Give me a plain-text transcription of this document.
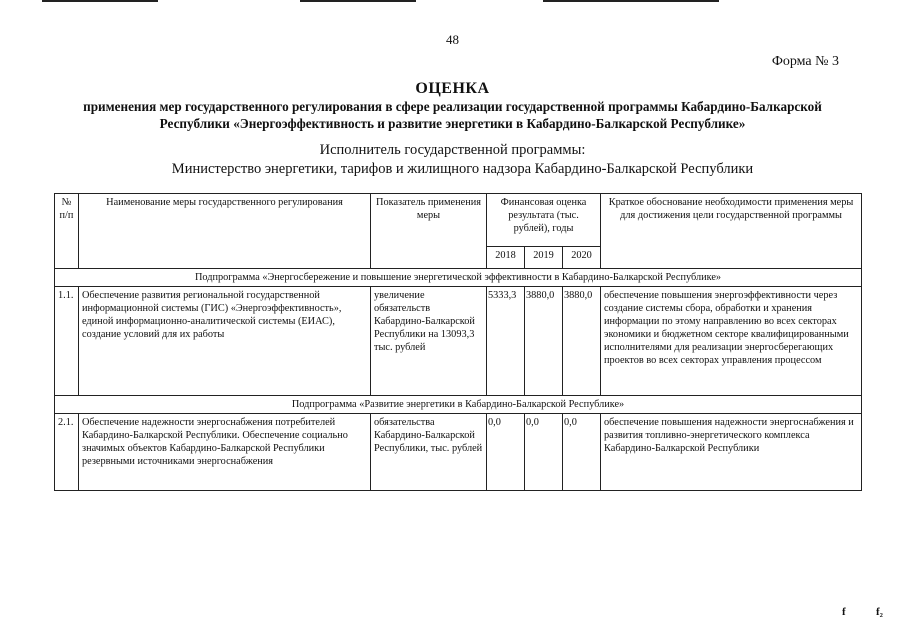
48
Форма № 3
ОЦЕНКА
применения мер государственного регулирования в сфере реализации государственной программы Кабардино-Балкарской Республики «Энергоэффективность и развитие энергетики в Кабардино-Балкарской Республике»
Исполнитель государственной программы:
Министерство энергетики, тарифов и жилищного надзора Кабардино-Балкарской Республики
№ п/п	Наименование меры государственного регулирования	Показатель применения меры	Финансовая оценка результата (тыс. рублей), годы			Краткое обоснование необходимости применения меры для достижения цели государственной программы
			2018	2019	2020	
Подпрограмма «Энергосбережение и повышение энергетической эффективности в Кабардино-Балкарской Республике»						
1.1.	Обеспечение развития региональной государственной информационной системы (ГИС) «Энергоэффективность», единой информационно-аналитической системы (ЕИАС), создание условий для их работы	увеличение обязательств Кабардино-Балкарской Республики на 13093,3 тыс. рублей	5333,3	3880,0	3880,0	обеспечение повышения энергоэффективности через создание системы сбора, обработки и хранения информации по этому направлению во всех секторах экономики и бюджетном секторе квалифицированными исполнителями для реализации энергосберегающих проектов во всех секторах управления процессом
Подпрограмма «Развитие энергетики в Кабардино-Балкарской Республике»						
2.1.	Обеспечение надежности энергоснабжения потребителей Кабардино-Балкарской Республики. Обеспечение социально значимых объектов Кабардино-Балкарской Республики резервными источниками энергоснабжения	обязательства Кабардино-Балкарской Республики, тыс. рублей	0,0	0,0	0,0	обеспечение повышения надежности энергоснабжения и развития топливно-энергетического комплекса Кабардино-Балкарской Республики
f	f₂
